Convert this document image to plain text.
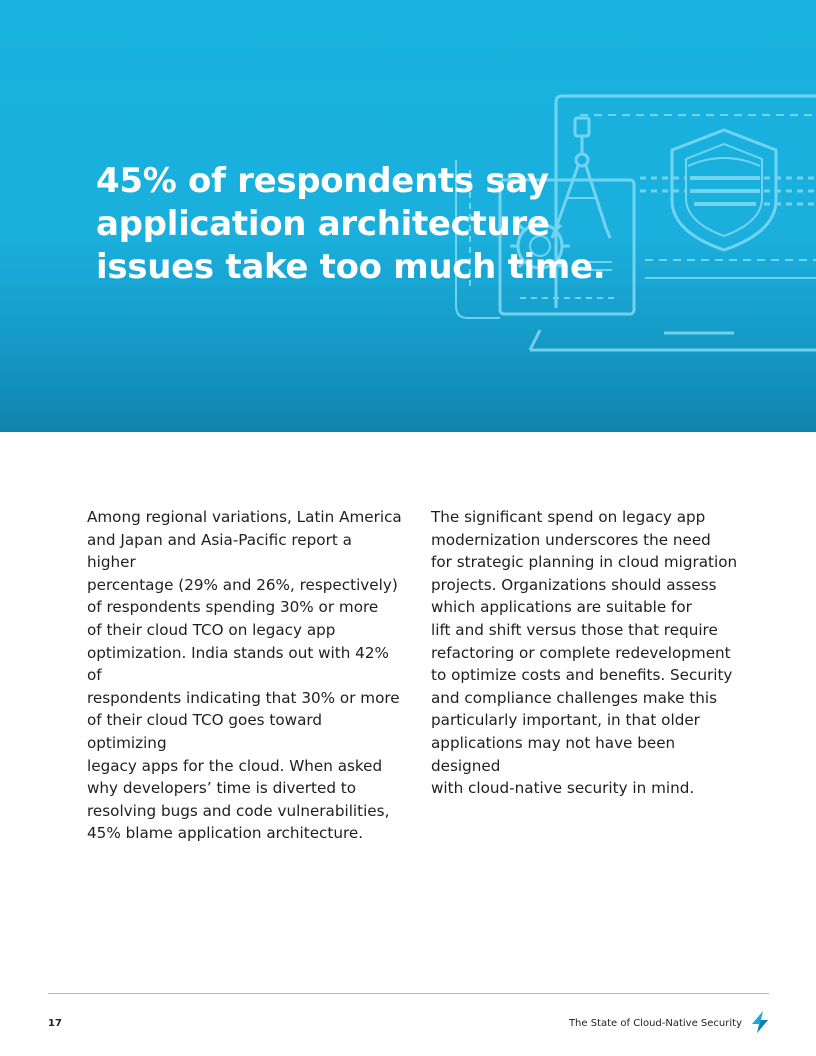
45% of respondents say
application architecture
issues take too much time.

Among regional variations, Latin America
and Japan and Asia-Pacific report a higher
percentage (29% and 26%, respectively)
of respondents spending 30% or more
of their cloud TCO on legacy app
optimization. India stands out with 42% of
respondents indicating that 30% or more
of their cloud TCO goes toward optimizing
legacy apps for the cloud. When asked
why developers’ time is diverted to
resolving bugs and code vulnerabilities,
45% blame application architecture.

The significant spend on legacy app
modernization underscores the need
for strategic planning in cloud migration
projects. Organizations should assess
which applications are suitable for
lift and shift versus those that require
refactoring or complete redevelopment
to optimize costs and benefits. Security
and compliance challenges make this
particularly important, in that older
applications may not have been designed
with cloud-native security in mind.

17	The State of Cloud-Native Security
